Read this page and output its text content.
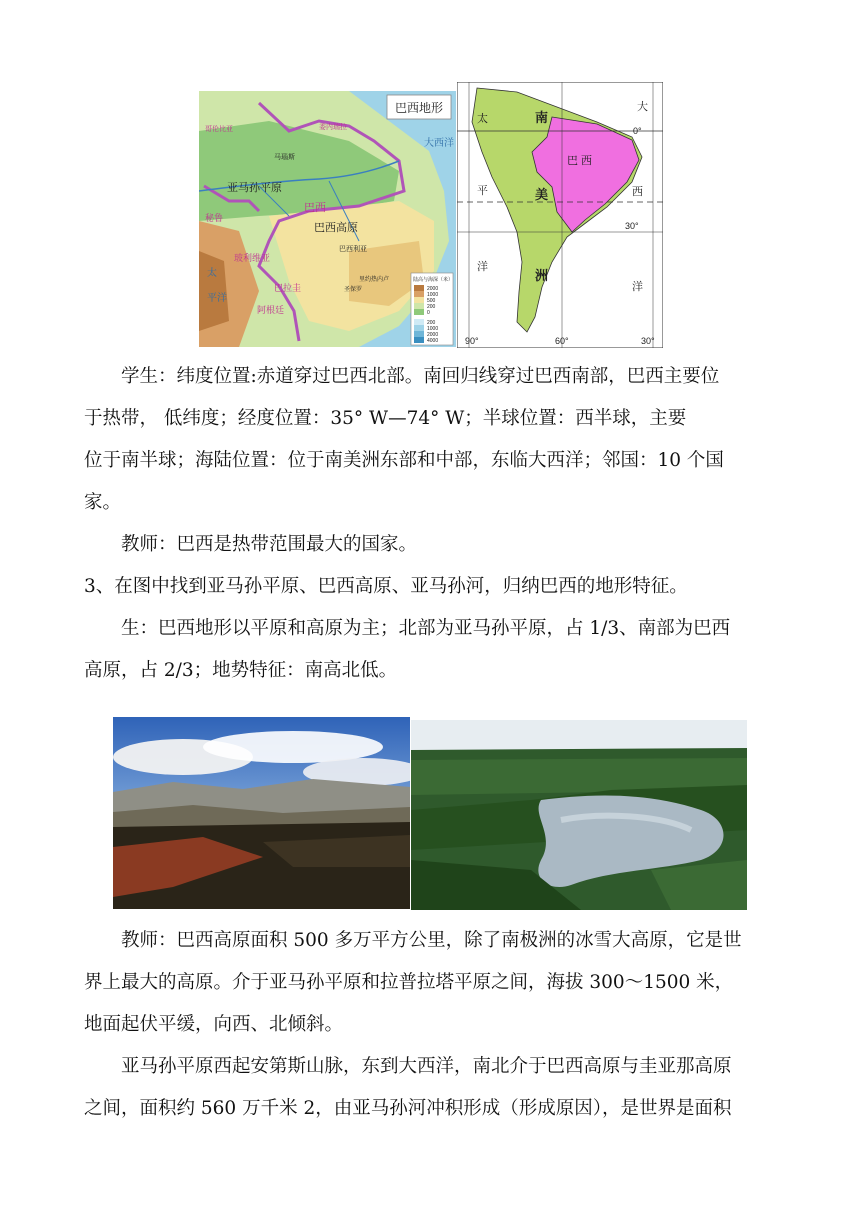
巴西地形
亚马孙平原
巴西高原
巴西
巴西利亚
马瑙斯
里约热内卢
圣保罗
玻利维亚
巴拉圭
阿根廷
秘鲁
哥伦比亚	委内瑞拉
太
平洋
大西洋
陆高与海深（米）
2000
1000
500
200
0
200
1000
2000
4000
南
美
洲
巴 西
太
平
洋
大
西
洋
0°
30°
90°	60°	30°
学生：纬度位置:赤道穿过巴西北部。南回归线穿过巴西南部，巴西主要位
于热带， 低纬度；经度位置：35° W—74° W；半球位置：西半球，主要
位于南半球；海陆位置：位于南美洲东部和中部，东临大西洋；邻国：10 个国
家。
教师：巴西是热带范围最大的国家。
3、在图中找到亚马孙平原、巴西高原、亚马孙河，归纳巴西的地形特征。
生：巴西地形以平原和高原为主；北部为亚马孙平原，占 1/3、南部为巴西
高原，占 2/3；地势特征：南高北低。
教师：巴西高原面积 500 多万平方公里，除了南极洲的冰雪大高原，它是世
界上最大的高原。介于亚马孙平原和拉普拉塔平原之间，海拔 300～1500 米，
地面起伏平缓，向西、北倾斜。
亚马孙平原西起安第斯山脉，东到大西洋，南北介于巴西高原与圭亚那高原
之间，面积约 560 万千米 2，由亚马孙河冲积形成（形成原因），是世界是面积
